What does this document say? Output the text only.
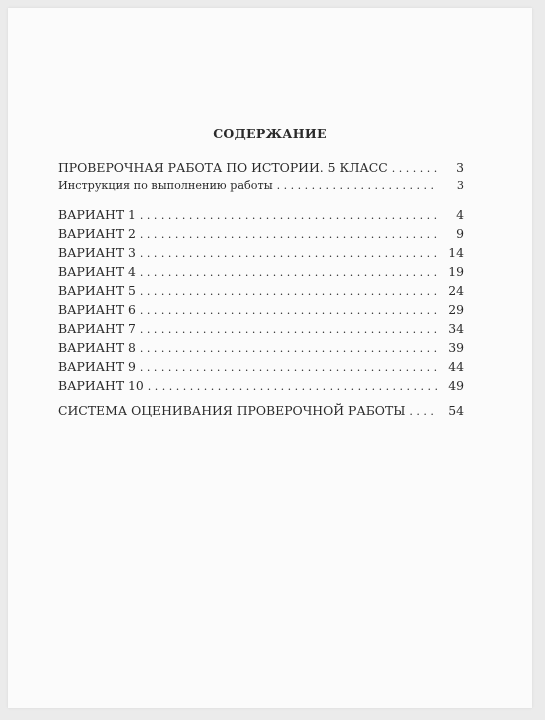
СОДЕРЖАНИЕ
ПРОВЕРОЧНАЯ РАБОТА ПО ИСТОРИИ. 5 КЛАСС . . .	3
Инструкция по выполнению работы . . .	3
ВАРИАНТ 1 . . .	4
ВАРИАНТ 2 . . .	9
ВАРИАНТ 3 . . .	14
ВАРИАНТ 4 . . .	19
ВАРИАНТ 5 . . .	24
ВАРИАНТ 6 . . .	29
ВАРИАНТ 7 . . .	34
ВАРИАНТ 8 . . .	39
ВАРИАНТ 9 . . .	44
ВАРИАНТ 10 . . .	49
СИСТЕМА ОЦЕНИВАНИЯ ПРОВЕРОЧНОЙ РАБОТЫ . . .	54
